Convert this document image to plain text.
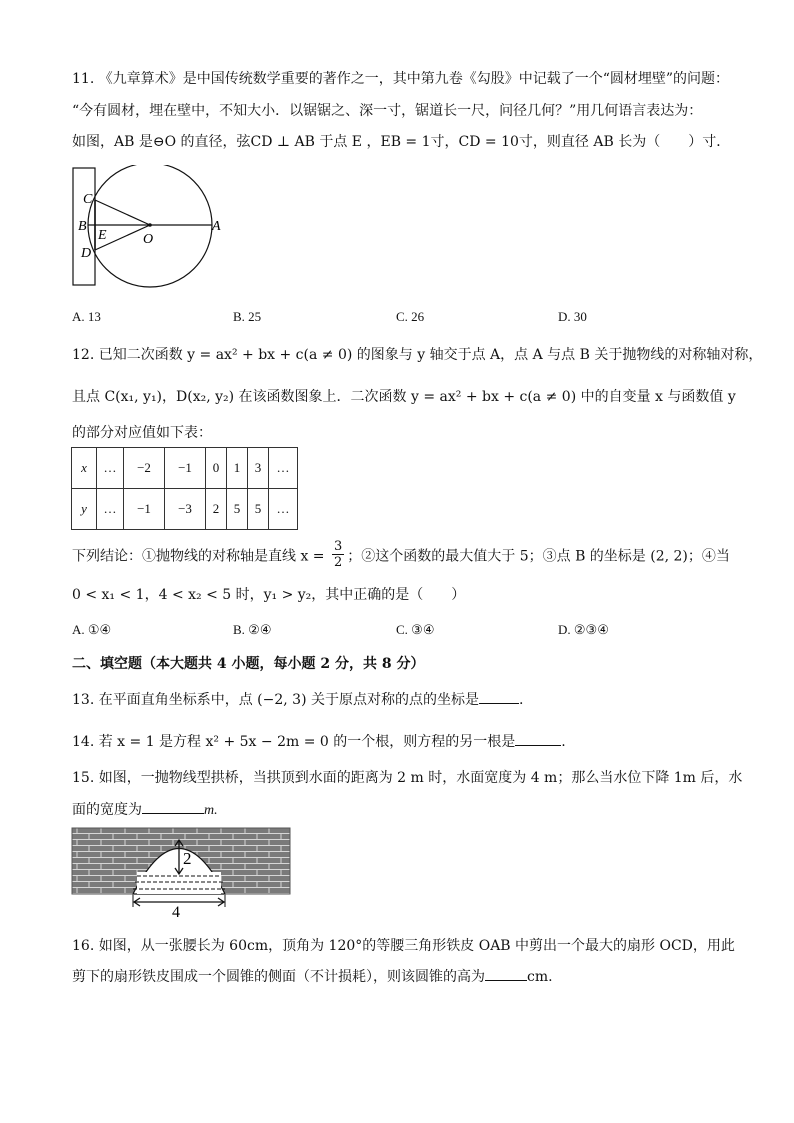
11. 《九章算术》是中国传统数学重要的著作之一，其中第九卷《勾股》中记载了一个“圆材埋壁”的问题：
“今有圆材，埋在壁中，不知大小．以锯锯之、深一寸，锯道长一尺，问径几何？”用几何语言表达为：
如图，AB 是⊖O 的直径，弦CD ⊥ AB 于点 E ，EB = 1寸，CD = 10寸，则直径 AB 长为（　　）寸．
C
B
D
E	O
A
A. 13	B. 25	C. 26	D. 30
12. 已知二次函数 y = ax² + bx + c(a ≠ 0) 的图象与 y 轴交于点 A，点 A 与点 B 关于抛物线的对称轴对称，
且点 C(x₁, y₁)，D(x₂, y₂) 在该函数图象上．二次函数 y = ax² + bx + c(a ≠ 0) 中的自变量 x 与函数值 y
的部分对应值如下表：
x	…	−2	−1	0	1	3	…
y	…	−1	−3	2	5	5	…
下列结论：①抛物线的对称轴是直线 $x = \frac{3}{2}$ ；②这个函数的最大值大于 5；③点 B 的坐标是 (2, 2)；④当
0 < x₁ < 1，4 < x₂ < 5 时，y₁ > y₂，其中正确的是（　　）
A. ①④	B. ②④	C. ③④	D. ②③④
二、填空题（本大题共 4 小题，每小题 2 分，共 8 分）
13. 在平面直角坐标系中，点 (−2, 3) 关于原点对称的点的坐标是	.
14. 若 x = 1 是方程 x² + 5x − 2m = 0 的一个根，则方程的另一根是	.
15. 如图，一抛物线型拱桥，当拱顶到水面的距离为 2 m 时，水面宽度为 4 m；那么当水位下降 1m 后，水
面的宽度为	m.
2
4
16. 如图，从一张腰长为 60cm，顶角为 120°的等腰三角形铁皮 OAB 中剪出一个最大的扇形 OCD，用此
剪下的扇形铁皮围成一个圆锥的侧面（不计损耗），则该圆锥的高为	cm.
